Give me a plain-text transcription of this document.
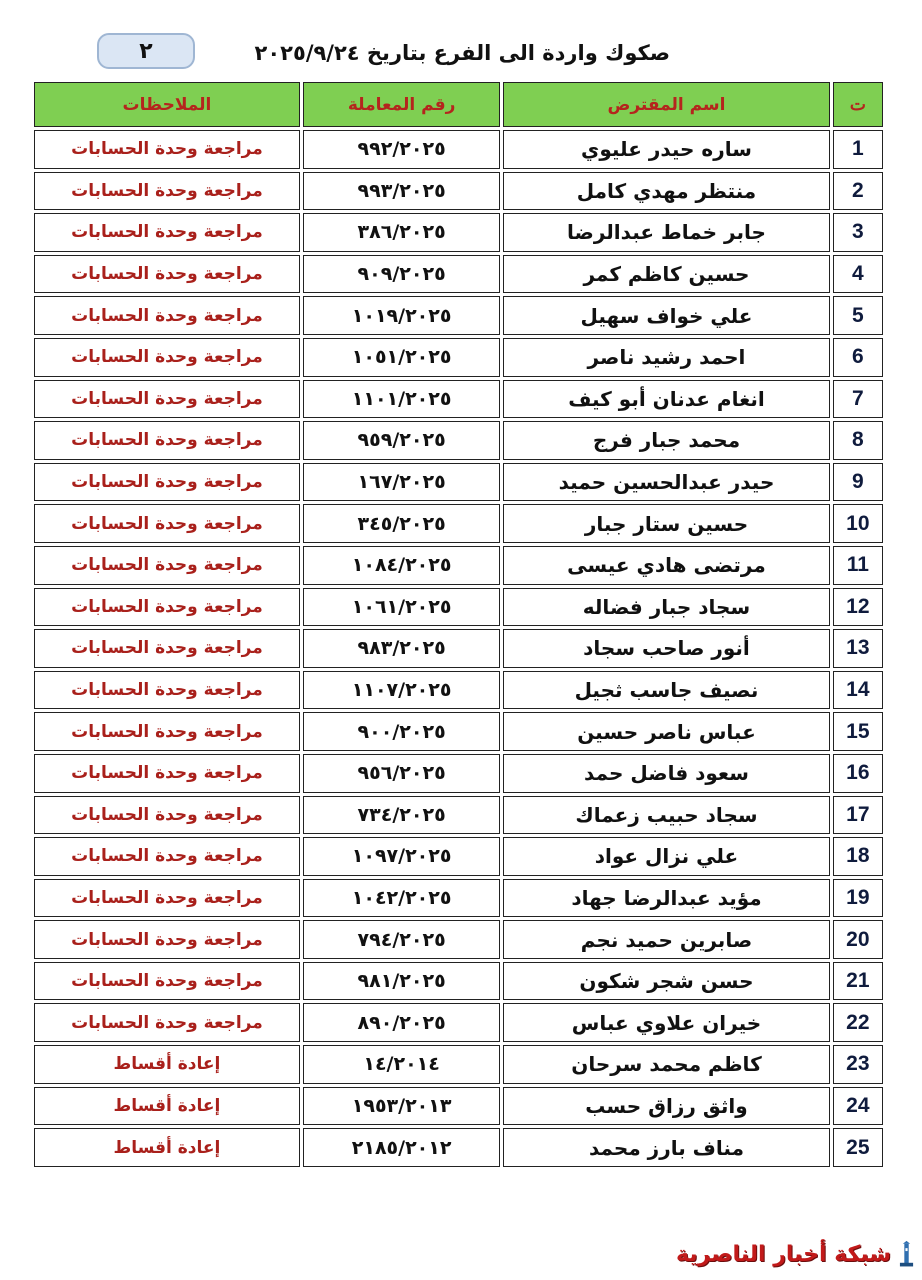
٢	صكوك واردة الى الفرع بتاريخ ٢٠٢٥/٩/٢٤
ت	اسم المقترض	رقم المعاملة	الملاحظات
1	ساره حيدر عليوي	٩٩٢/٢٠٢٥	مراجعة وحدة الحسابات
2	منتظر مهدي كامل	٩٩٣/٢٠٢٥	مراجعة وحدة الحسابات
3	جابر خماط عبدالرضا	٣٨٦/٢٠٢٥	مراجعة وحدة الحسابات
4	حسين كاظم كمر	٩٠٩/٢٠٢٥	مراجعة وحدة الحسابات
5	علي خواف سهيل	١٠١٩/٢٠٢٥	مراجعة وحدة الحسابات
6	احمد رشيد ناصر	١٠٥١/٢٠٢٥	مراجعة وحدة الحسابات
7	انغام عدنان أبو كيف	١١٠١/٢٠٢٥	مراجعة وحدة الحسابات
8	محمد جبار فرج	٩٥٩/٢٠٢٥	مراجعة وحدة الحسابات
9	حيدر عبدالحسين حميد	١٦٧/٢٠٢٥	مراجعة وحدة الحسابات
10	حسين ستار جبار	٣٤٥/٢٠٢٥	مراجعة وحدة الحسابات
11	مرتضى هادي عيسى	١٠٨٤/٢٠٢٥	مراجعة وحدة الحسابات
12	سجاد جبار فضاله	١٠٦١/٢٠٢٥	مراجعة وحدة الحسابات
13	أنور صاحب سجاد	٩٨٣/٢٠٢٥	مراجعة وحدة الحسابات
14	نصيف جاسب ثجيل	١١٠٧/٢٠٢٥	مراجعة وحدة الحسابات
15	عباس ناصر حسين	٩٠٠/٢٠٢٥	مراجعة وحدة الحسابات
16	سعود فاضل حمد	٩٥٦/٢٠٢٥	مراجعة وحدة الحسابات
17	سجاد حبيب زعماك	٧٣٤/٢٠٢٥	مراجعة وحدة الحسابات
18	علي نزال عواد	١٠٩٧/٢٠٢٥	مراجعة وحدة الحسابات
19	مؤيد عبدالرضا جهاد	١٠٤٢/٢٠٢٥	مراجعة وحدة الحسابات
20	صابرين حميد نجم	٧٩٤/٢٠٢٥	مراجعة وحدة الحسابات
21	حسن شجر شكون	٩٨١/٢٠٢٥	مراجعة وحدة الحسابات
22	خيران علاوي عباس	٨٩٠/٢٠٢٥	مراجعة وحدة الحسابات
23	كاظم محمد سرحان	١٤/٢٠١٤	إعادة أقساط
24	واثق رزاق حسب	١٩٥٣/٢٠١٣	إعادة أقساط
25	مناف بارز محمد	٢١٨٥/٢٠١٢	إعادة أقساط
شبكة أخبار الناصرية
